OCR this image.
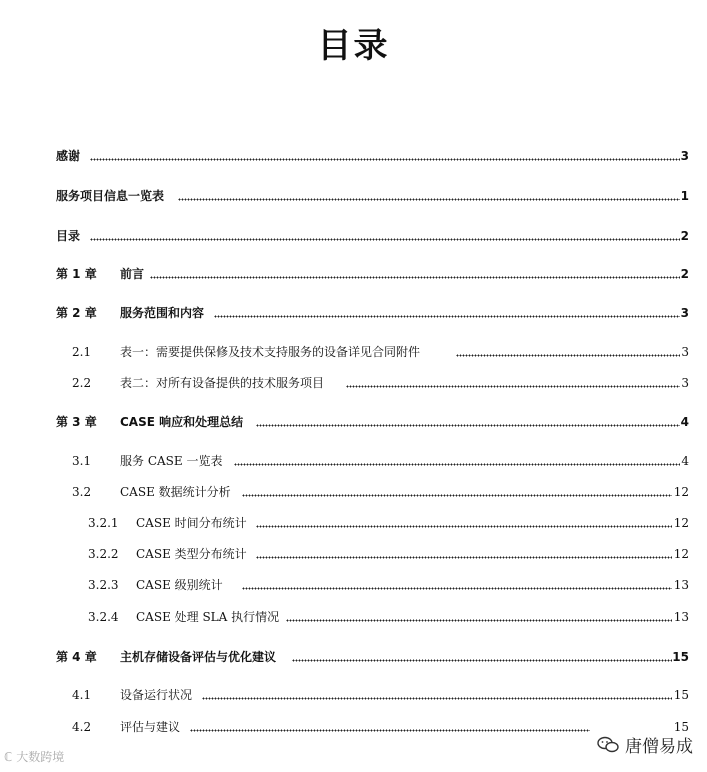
目录
感谢	3
服务项目信息一览表	1
目录	2
第 1 章 前言	2
第 2 章 服务范围和内容	3
2.1 表一：需要提供保修及技术支持服务的设备详见合同附件	3
2.2 表二：对所有设备提供的技术服务项目	3
第 3 章 CASE 响应和处理总结	4
3.1 服务 CASE 一览表	4
3.2 CASE 数据统计分析	12
3.2.1 CASE 时间分布统计	12
3.2.2 CASE 类型分布统计	12
3.2.3 CASE 级别统计	13
3.2.4 CASE 处理 SLA 执行情况	13
第 4 章 主机存储设备评估与优化建议	15
4.1 设备运行状况	15
4.2 评估与建议	15
ℂ 大数跨境	唐僧易成
